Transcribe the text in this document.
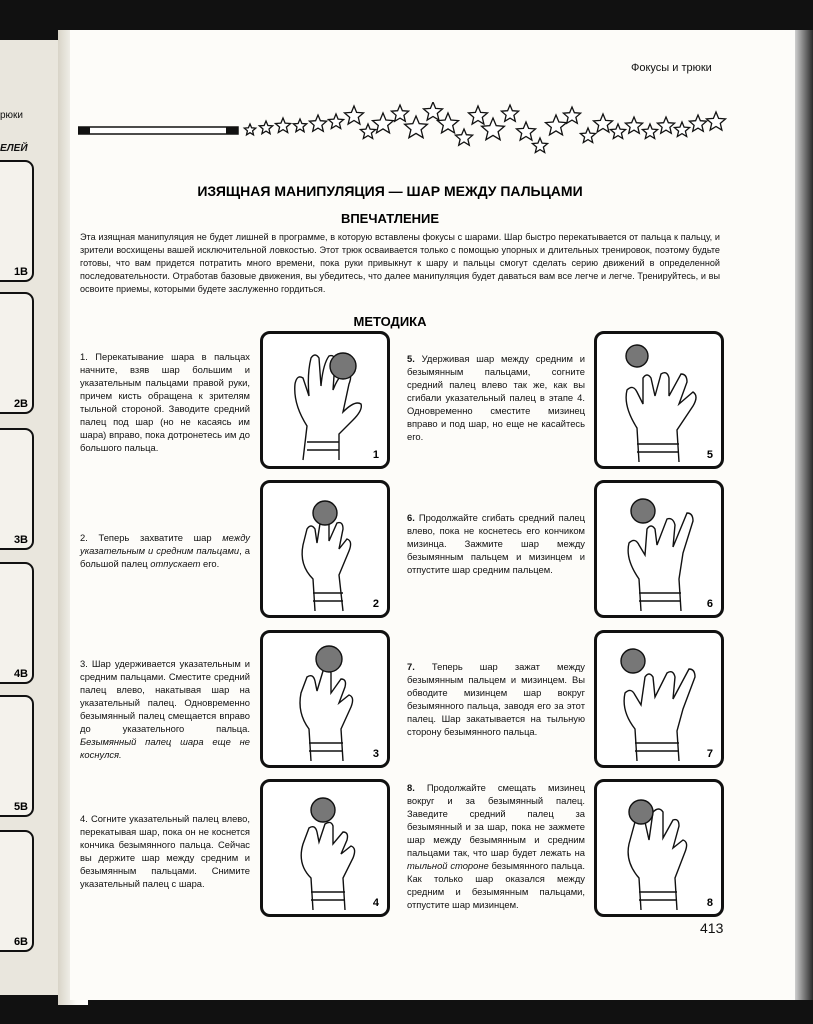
рюки
ЕЛЕЙ
1B
2B
3B
4B
5B
6B
Фокусы и трюки
ИЗЯЩНАЯ МАНИПУЛЯЦИЯ — ШАР МЕЖДУ ПАЛЬЦАМИ
ВПЕЧАТЛЕНИЕ
Эта изящная манипуляция не будет лишней в программе, в которую вставлены фокусы с шарами. Шар быстро перекатывается от пальца к пальцу, и зрители восхищены вашей исключительной ловкостью. Этот трюк осваивается только с помощью упорных и длительных тренировок, поэтому будьте готовы, что вам придется потратить много времени, пока руки привыкнут к шару и пальцы смогут сделать серию движений в определенной последовательности. Отработав базовые движения, вы убедитесь, что далее манипуляция будет даваться вам все легче и легче. Тренируйтесь, и вы освоите приемы, которыми будете заслуженно гордиться.
МЕТОДИКА
1. Перекатывание шара в пальцах начните, взяв шар большим и указательным пальцами правой руки, причем кисть обращена к зрителям тыльной стороной. Заводите средний палец под шар (но не касаясь им шара) вправо, пока дотронетесь им до большого пальца.
2. Теперь захватите шар между указательным и средним пальцами, а большой палец отпускает его.
3. Шар удерживается указательным и средним пальцами. Сместите средний палец влево, накатывая шар на указательный палец. Одновременно безымянный палец смещается вправо до указательного пальца. Безымянный палец шара еще не коснулся.
4. Согните указательный палец влево, перекатывая шар, пока он не коснется кончика безымянного пальца. Сейчас вы держите шар между средним и безымянным пальцами. Снимите указательный палец с шара.
5. Удерживая шар между средним и безымянным пальцами, согните средний палец влево так же, как вы сгибали указательный палец в этапе 4. Одновременно сместите мизинец вправо и под шар, но еще не касайтесь его.
6. Продолжайте сгибать средний палец влево, пока не коснетесь его кончиком мизинца. Зажмите шар между безымянным пальцем и мизинцем и отпустите шар средним пальцем.
7. Теперь шар зажат между безымянным пальцем и мизинцем. Вы обводите мизинцем шар вокруг безымянного пальца, заводя его за этот палец. Шар закатывается на тыльную сторону безымянного пальца.
8. Продолжайте смещать мизинец вокруг и за безымянный палец. Заведите средний палец за безымянный и за шар, пока не зажмете шар между безымянным и средним пальцами так, что шар будет лежать на тыльной стороне безымянного пальца. Как только шар оказался между средним и безымянным пальцами, отпустите шар мизинцем.
1
2
3
4
5
6
7
8
413
